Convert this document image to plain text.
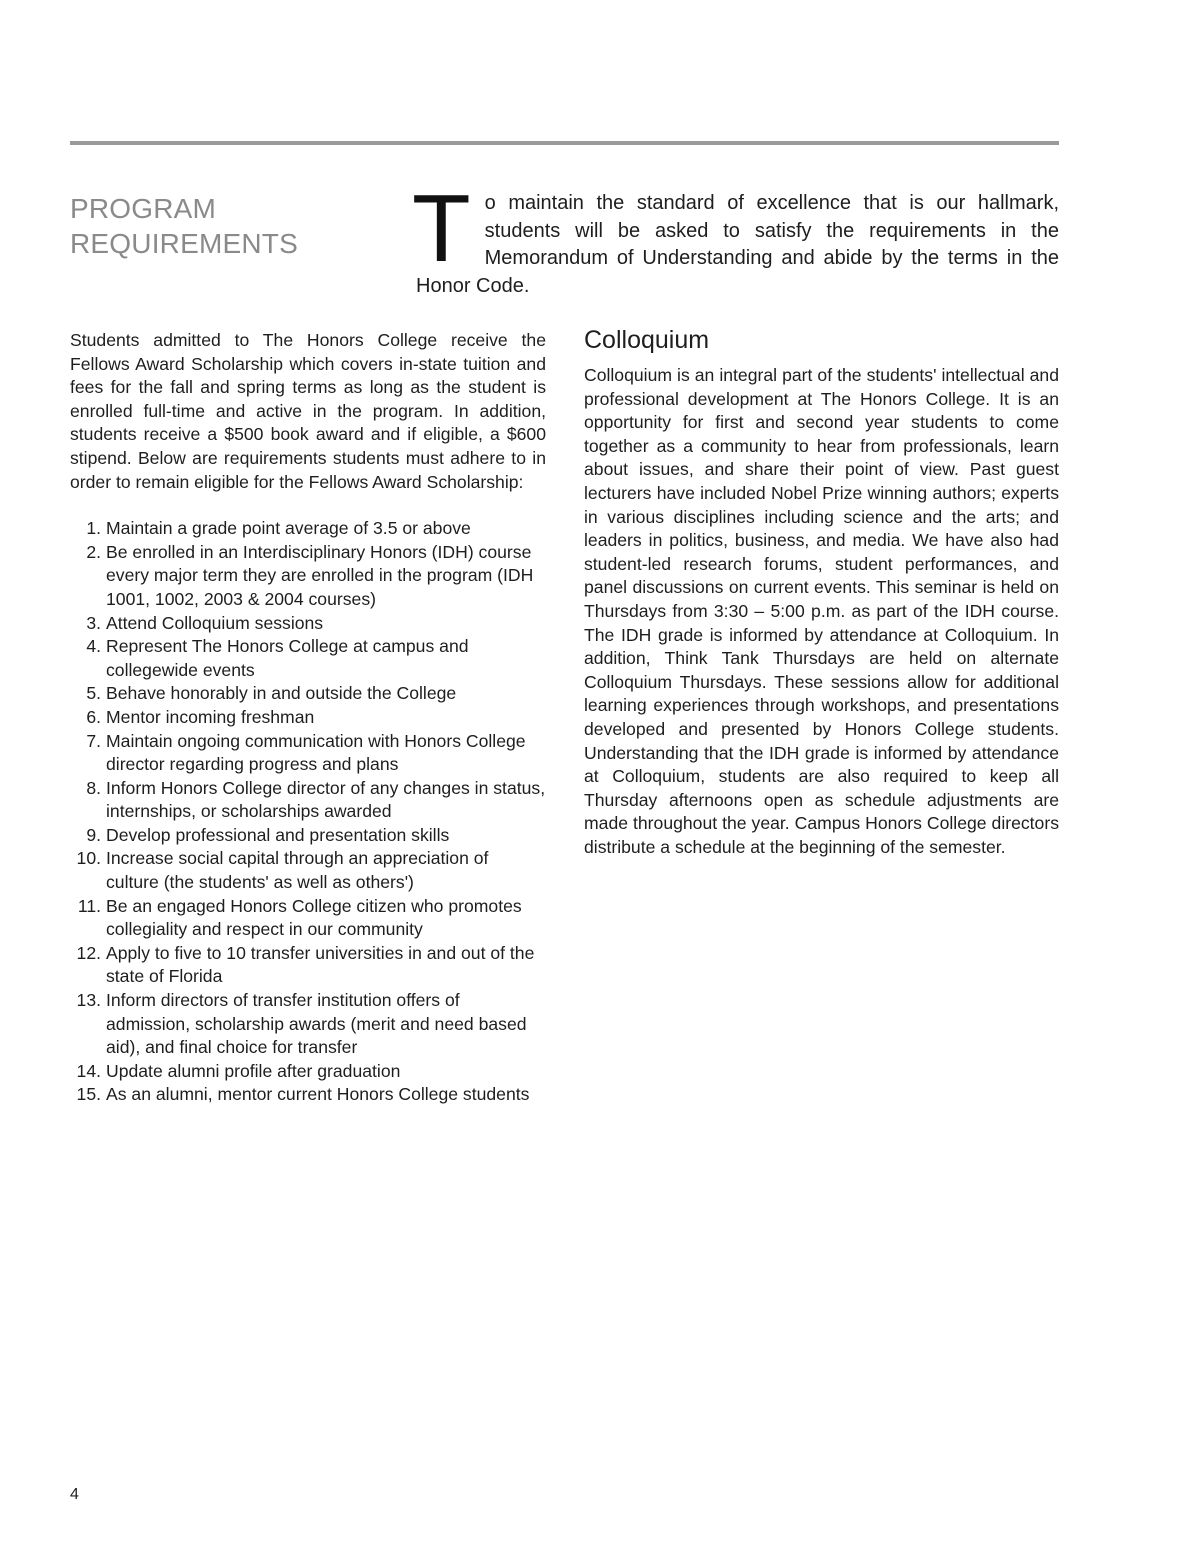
PROGRAM
REQUIREMENTS	To maintain the standard of excellence that is our hallmark, students will be asked to satisfy the requirements in the Memorandum of Understanding and abide by the terms in the Honor Code.

Students admitted to The Honors College receive the Fellows Award Scholarship which covers in-state tuition and fees for the fall and spring terms as long as the student is enrolled full-time and active in the program. In addition, students receive a $500 book award and if eligible, a $600 stipend. Below are requirements students must adhere to in order to remain eligible for the Fellows Award Scholarship:

1. Maintain a grade point average of 3.5 or above
2. Be enrolled in an Interdisciplinary Honors (IDH) course every major term they are enrolled in the program (IDH 1001, 1002, 2003 & 2004 courses)
3. Attend Colloquium sessions
4. Represent The Honors College at campus and collegewide events
5. Behave honorably in and outside the College
6. Mentor incoming freshman
7. Maintain ongoing communication with Honors College director regarding progress and plans
8. Inform Honors College director of any changes in status, internships, or scholarships awarded
9. Develop professional and presentation skills
10. Increase social capital through an appreciation of culture (the students' as well as others')
11. Be an engaged Honors College citizen who promotes collegiality and respect in our community
12. Apply to five to 10 transfer universities in and out of the state of Florida
13. Inform directors of transfer institution offers of admission, scholarship awards (merit and need based aid), and final choice for transfer
14. Update alumni profile after graduation
15. As an alumni, mentor current Honors College students
Colloquium

Colloquium is an integral part of the students' intellectual and professional development at The Honors College. It is an opportunity for first and second year students to come together as a community to hear from professionals, learn about issues, and share their point of view. Past guest lecturers have included Nobel Prize winning authors; experts in various disciplines including science and the arts; and leaders in politics, business, and media. We have also had student-led research forums, student performances, and panel discussions on current events. This seminar is held on Thursdays from 3:30 – 5:00 p.m. as part of the IDH course. The IDH grade is informed by attendance at Colloquium. In addition, Think Tank Thursdays are held on alternate Colloquium Thursdays. These sessions allow for additional learning experiences through workshops, and presentations developed and presented by Honors College students. Understanding that the IDH grade is informed by attendance at Colloquium, students are also required to keep all Thursday afternoons open as schedule adjustments are made throughout the year. Campus Honors College directors distribute a schedule at the beginning of the semester.

4
